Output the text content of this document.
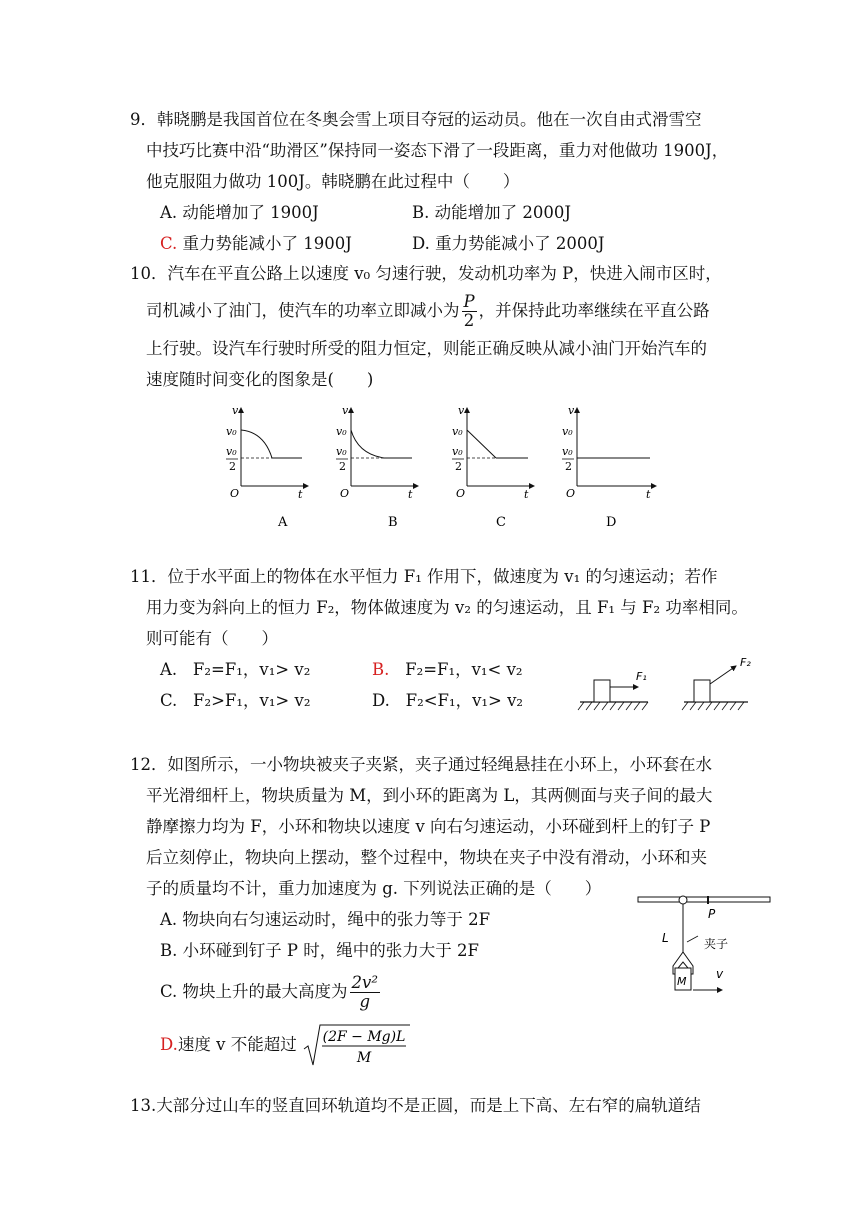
9．韩晓鹏是我国首位在冬奥会雪上项目夺冠的运动员。他在一次自由式滑雪空
中技巧比赛中沿“助滑区”保持同一姿态下滑了一段距离，重力对他做功 1900J，
他克服阻力做功 100J。韩晓鹏在此过程中（　　）
A. 动能增加了 1900J	B. 动能增加了 2000J
C. 重力势能减小了 1900J	D. 重力势能减小了 2000J
10．汽车在平直公路上以速度 v₀ 匀速行驶，发动机功率为 P，快进入闹市区时，
司机减小了油门，使汽车的功率立即减小为 $\frac{P}{2}$ ，并保持此功率继续在平直公路
上行驶。设汽车行驶时所受的阻力恒定，则能正确反映从减小油门开始汽车的
速度随时间变化的图象是(　　)
v
t
O
v₀
v₀
2
A
v
t
O
v₀
v₀
2
B
v
t
O
v₀
v₀
2
C
v
t
O
v₀
v₀
2
D
11．位于水平面上的物体在水平恒力 F₁ 作用下，做速度为 v₁ 的匀速运动；若作
用力变为斜向上的恒力 F₂，物体做速度为 v₂ 的匀速运动，且 F₁ 与 F₂ 功率相同。
则可能有（　　）
A. F₂=F₁，v₁> v₂	B. F₂=F₁，v₁< v₂
C. F₂>F₁，v₁> v₂	D. F₂<F₁，v₁> v₂
F₁
F₂
12．如图所示，一小物块被夹子夹紧，夹子通过轻绳悬挂在小环上，小环套在水
平光滑细杆上，物块质量为 M，到小环的距离为 L，其两侧面与夹子间的最大
静摩擦力均为 F，小环和物块以速度 v 向右匀速运动，小环碰到杆上的钉子 P
后立刻停止，物块向上摆动，整个过程中，物块在夹子中没有滑动，小环和夹
子的质量均不计，重力加速度为 g. 下列说法正确的是（　　）
A. 物块向右匀速运动时，绳中的张力等于 2F
B. 小环碰到钉子 P 时，绳中的张力大于 2F
C. 物块上升的最大高度为 $\frac{\text{2v²}}{g}$
D.速度 v 不能超过 (2F − Mg)L
M
P
L	夹子
M
v
13.大部分过山车的竖直回环轨道均不是正圆，而是上下高、左右窄的扁轨道结
